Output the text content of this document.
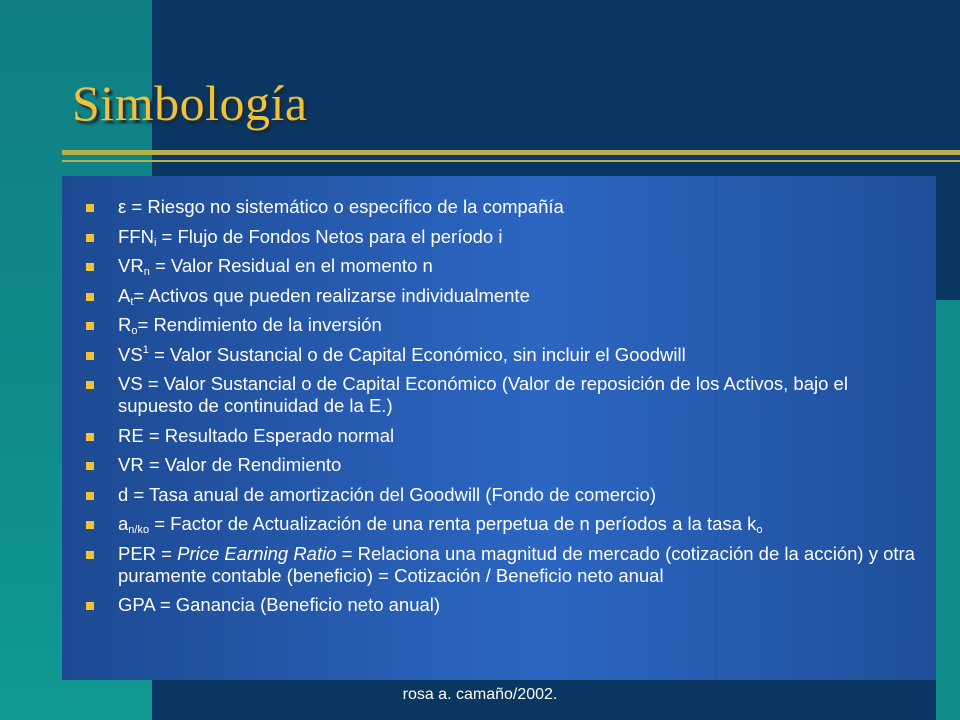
Simbología
ε = Riesgo no sistemático o específico de la compañía
$FFN_i$ = Flujo de Fondos Netos para el período i
$VR_n$ = Valor Residual en el momento n
$A_t=$ Activos que pueden realizarse individualmente
$R_o=$ Rendimiento de la inversión
$VS^1$ = Valor Sustancial o de Capital Económico, sin incluir el Goodwill
VS = Valor Sustancial o de Capital Económico (Valor de reposición de los Activos, bajo el supuesto de continuidad de la E.)
RE = Resultado Esperado normal
VR = Valor de Rendimiento
d = Tasa anual de amortización del Goodwill (Fondo de comercio)
$a_{n/ko}$ = Factor de Actualización de una renta perpetua de n períodos a la tasa $k_o$
PER = Price Earning Ratio = Relaciona una magnitud de mercado (cotización de la acción) y otra puramente contable (beneficio) = Cotización / Beneficio neto anual
GPA = Ganancia (Beneficio neto anual)
rosa a. camaño/2002.
